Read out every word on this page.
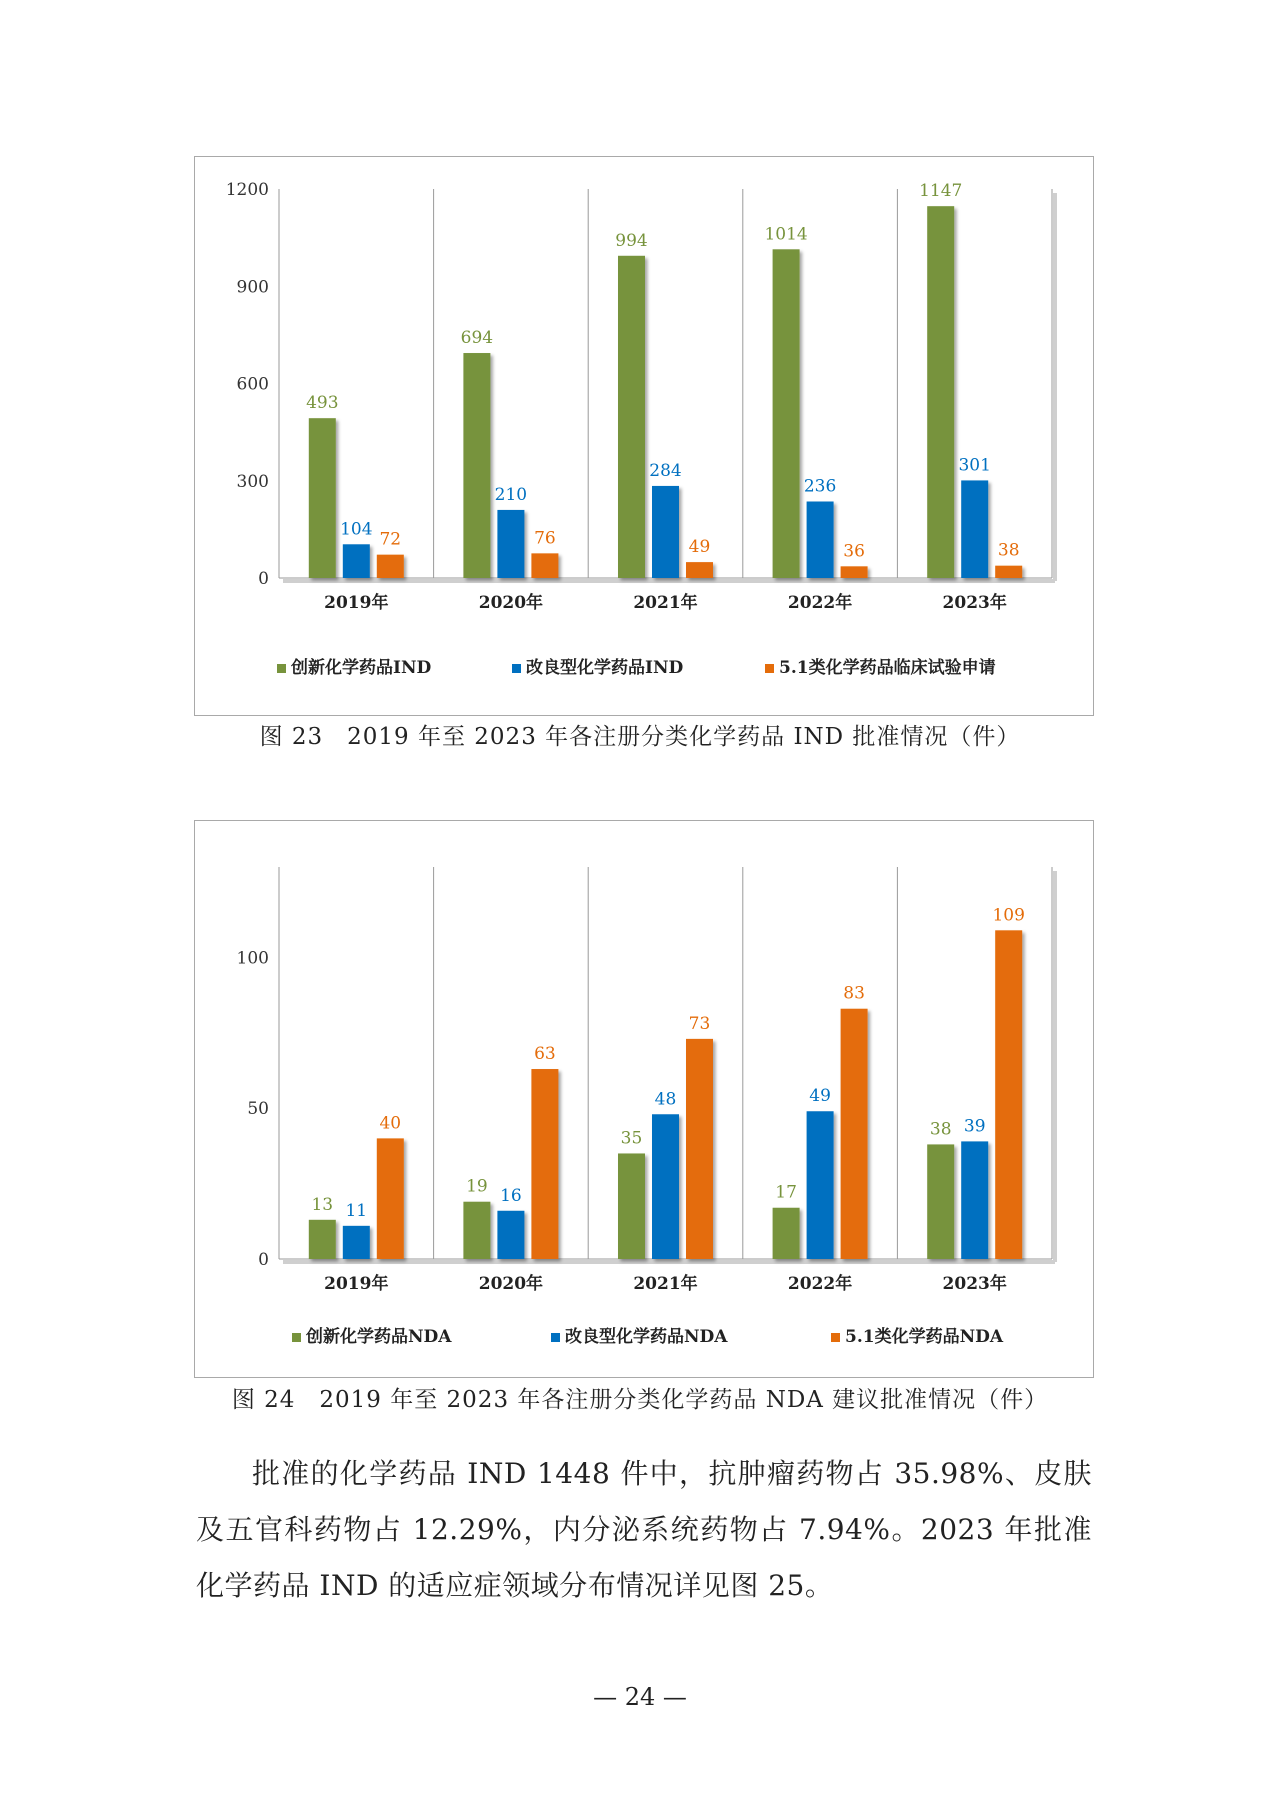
0
300
600
900
1200
493
104
72
2019年
694
210
76
2020年
994
284
49
2021年
1014
236
36
2022年
1147
301
38
2023年
创新化学药品IND	改良型化学药品IND	5.1类化学药品临床试验申请
图 23　2019 年至 2023 年各注册分类化学药品 IND 批准情况（件）
0
50
100
13 11
40
2019年
19 16
63
2020年
35
48
73
2021年
17
49
83
2022年
38 39
109
2023年
创新化学药品NDA	改良型化学药品NDA	5.1类化学药品NDA
图 24　2019 年至 2023 年各注册分类化学药品 NDA 建议批准情况（件）
批准的化学药品 IND 1448 件中，抗肿瘤药物占 35.98%、皮肤及五官科药物占 12.29%，内分泌系统药物占 7.94%。2023 年批准化学药品 IND 的适应症领域分布情况详见图 25。
— 24 —
